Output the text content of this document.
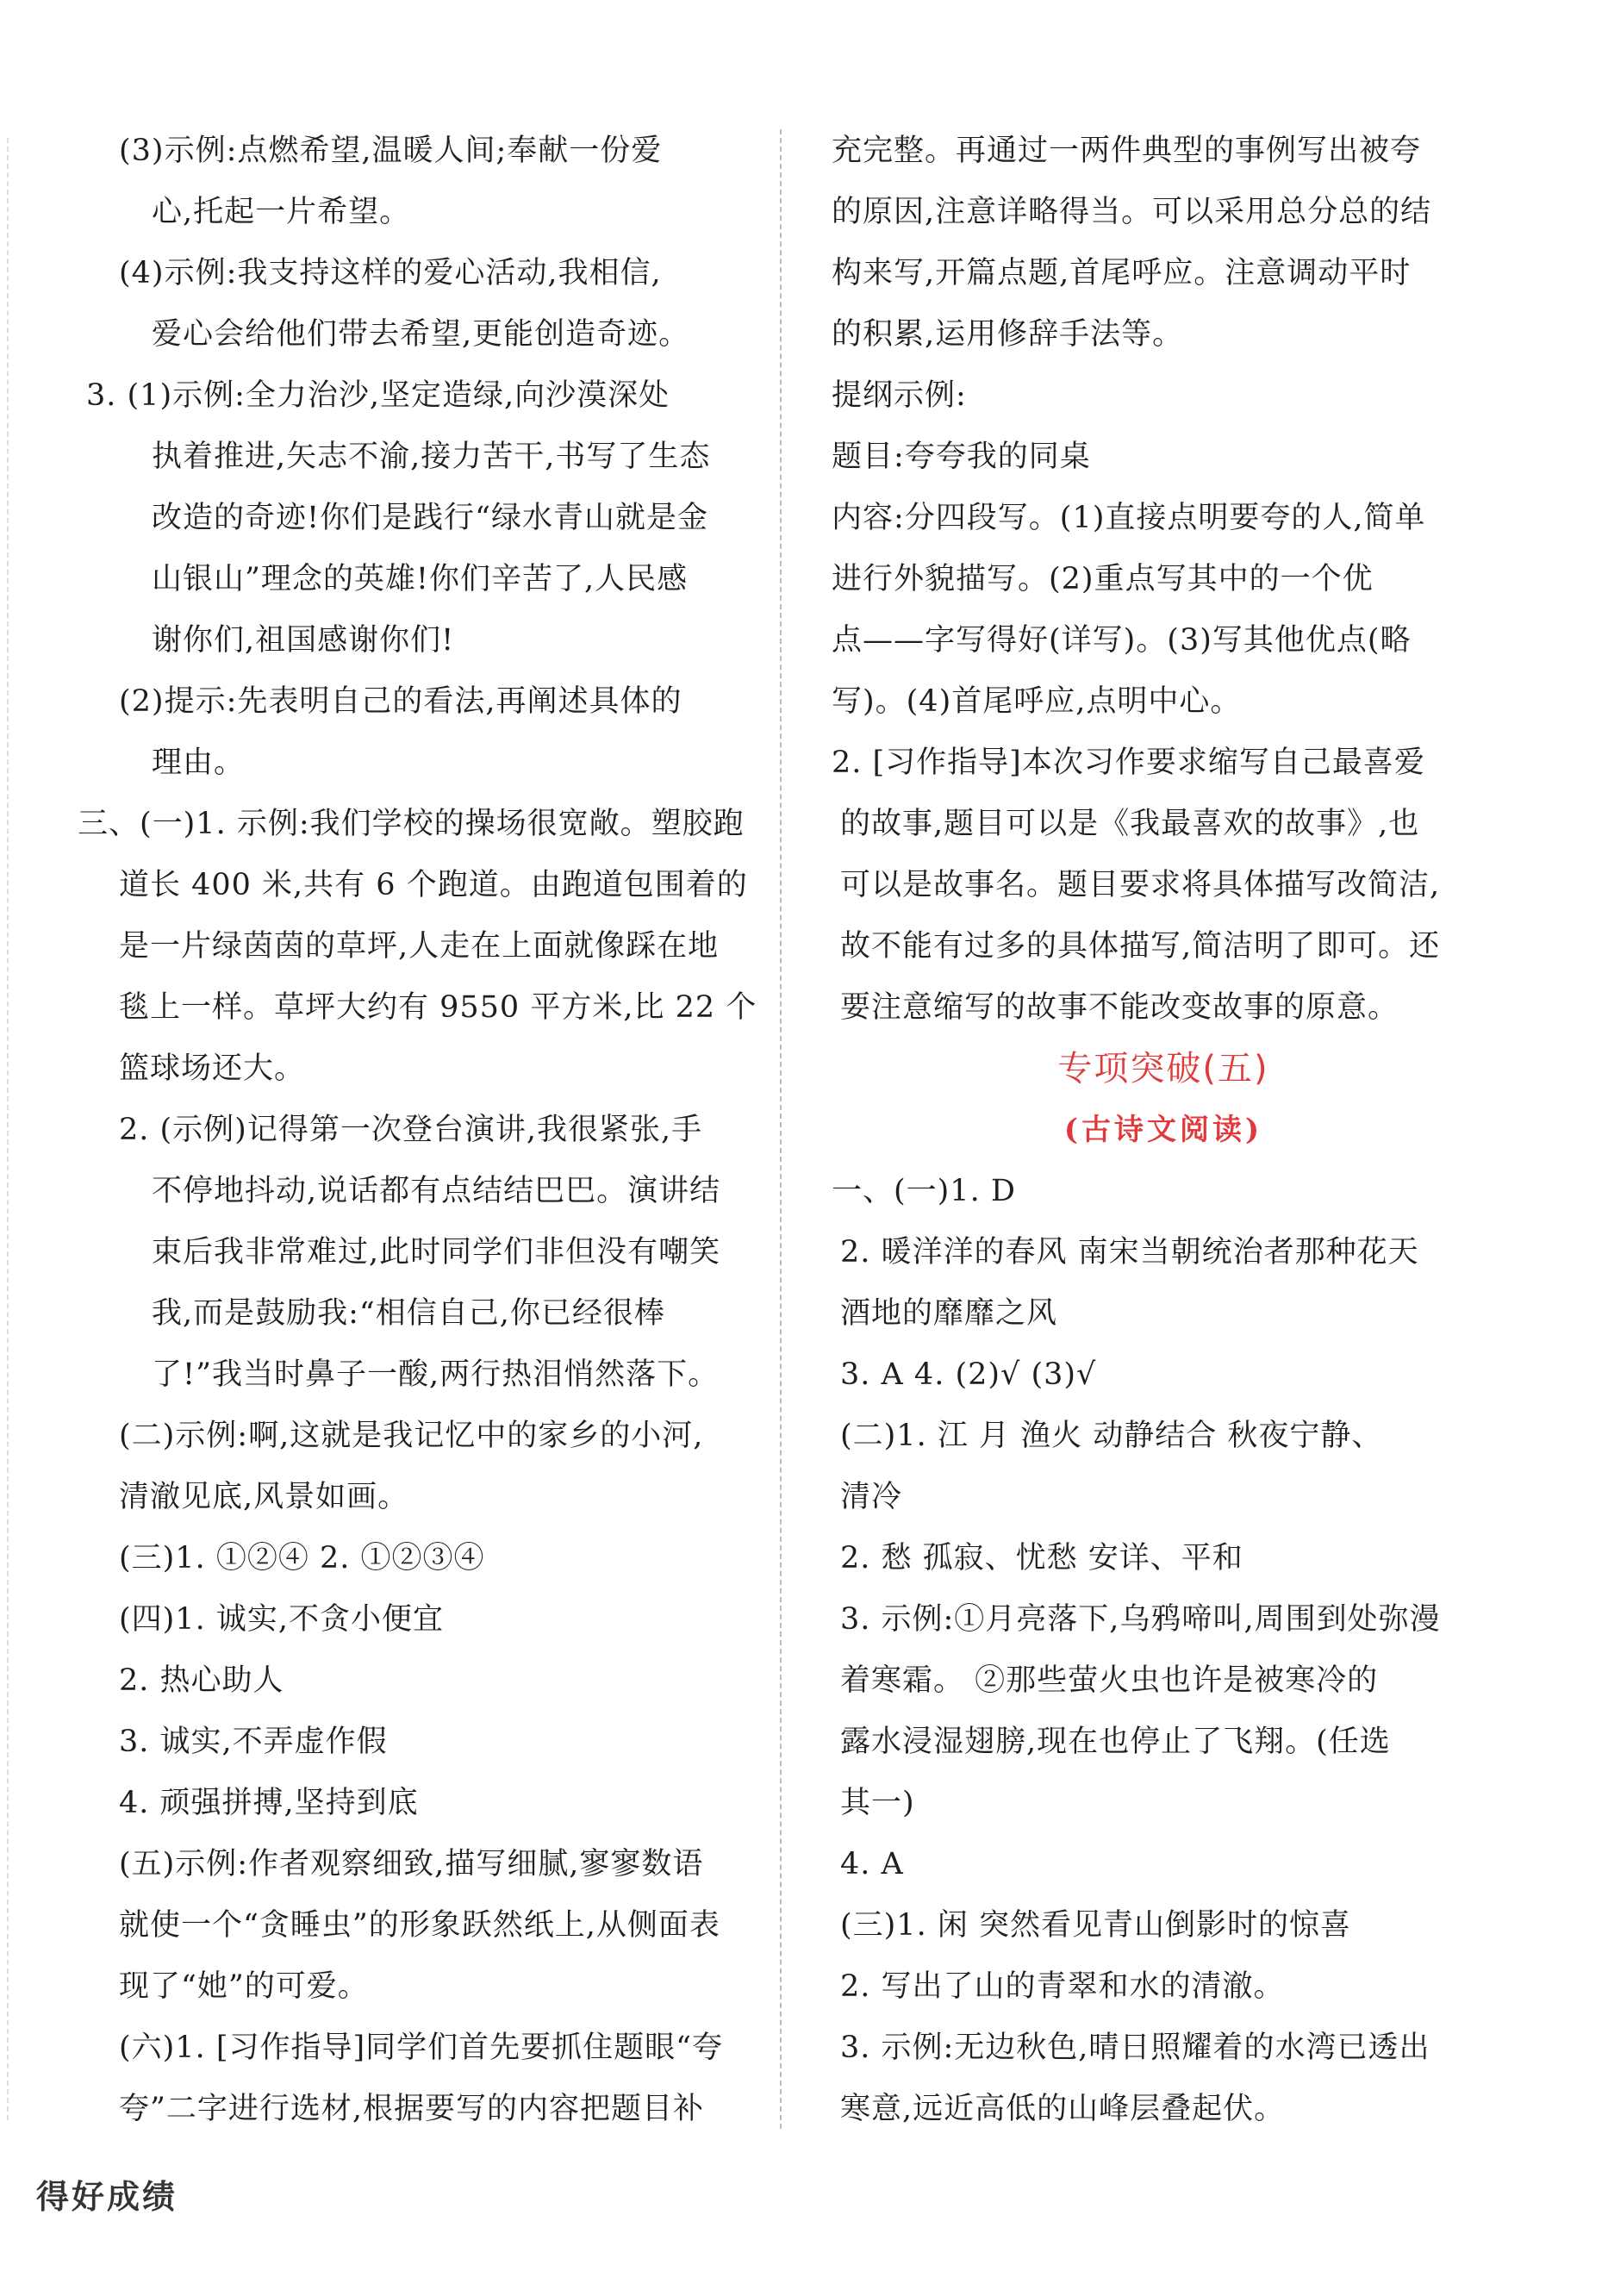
(3)示例:点燃希望,温暖人间;奉献一份爱
心,托起一片希望。
(4)示例:我支持这样的爱心活动,我相信,
爱心会给他们带去希望,更能创造奇迹。
3. (1)示例:全力治沙,坚定造绿,向沙漠深处
执着推进,矢志不渝,接力苦干,书写了生态
改造的奇迹!你们是践行“绿水青山就是金
山银山”理念的英雄!你们辛苦了,人民感
谢你们,祖国感谢你们!
(2)提示:先表明自己的看法,再阐述具体的
理由。
三、(一)1. 示例:我们学校的操场很宽敞。塑胶跑
道长 400 米,共有 6 个跑道。由跑道包围着的
是一片绿茵茵的草坪,人走在上面就像踩在地
毯上一样。草坪大约有 9550 平方米,比 22 个
篮球场还大。
2. (示例)记得第一次登台演讲,我很紧张,手
不停地抖动,说话都有点结结巴巴。演讲结
束后我非常难过,此时同学们非但没有嘲笑
我,而是鼓励我:“相信自己,你已经很棒
了!”我当时鼻子一酸,两行热泪悄然落下。
(二)示例:啊,这就是我记忆中的家乡的小河,
清澈见底,风景如画。
(三)1. ①②④ 2. ①②③④
(四)1. 诚实,不贪小便宜
2. 热心助人
3. 诚实,不弄虚作假
4. 顽强拼搏,坚持到底
(五)示例:作者观察细致,描写细腻,寥寥数语
就使一个“贪睡虫”的形象跃然纸上,从侧面表
现了“她”的可爱。
(六)1. [习作指导]同学们首先要抓住题眼“夸
夸”二字进行选材,根据要写的内容把题目补
充完整。再通过一两件典型的事例写出被夸
的原因,注意详略得当。可以采用总分总的结
构来写,开篇点题,首尾呼应。注意调动平时
的积累,运用修辞手法等。
提纲示例:
题目:夸夸我的同桌
内容:分四段写。(1)直接点明要夸的人,简单
进行外貌描写。(2)重点写其中的一个优
点——字写得好(详写)。(3)写其他优点(略
写)。(4)首尾呼应,点明中心。
2. [习作指导]本次习作要求缩写自己最喜爱
的故事,题目可以是《我最喜欢的故事》,也
可以是故事名。题目要求将具体描写改简洁,
故不能有过多的具体描写,简洁明了即可。还
要注意缩写的故事不能改变故事的原意。
专项突破(五)
(古诗文阅读)
一、(一)1. D
2. 暖洋洋的春风 南宋当朝统治者那种花天
酒地的靡靡之风
3. A 4. (2)√ (3)√
(二)1. 江 月 渔火 动静结合 秋夜宁静、
清冷
2. 愁 孤寂、忧愁 安详、平和
3. 示例:①月亮落下,乌鸦啼叫,周围到处弥漫
着寒霜。 ②那些萤火虫也许是被寒冷的
露水浸湿翅膀,现在也停止了飞翔。(任选
其一)
4. A
(三)1. 闲 突然看见青山倒影时的惊喜
2. 写出了山的青翠和水的清澈。
3. 示例:无边秋色,晴日照耀着的水湾已透出
寒意,远近高低的山峰层叠起伏。
得好成绩
